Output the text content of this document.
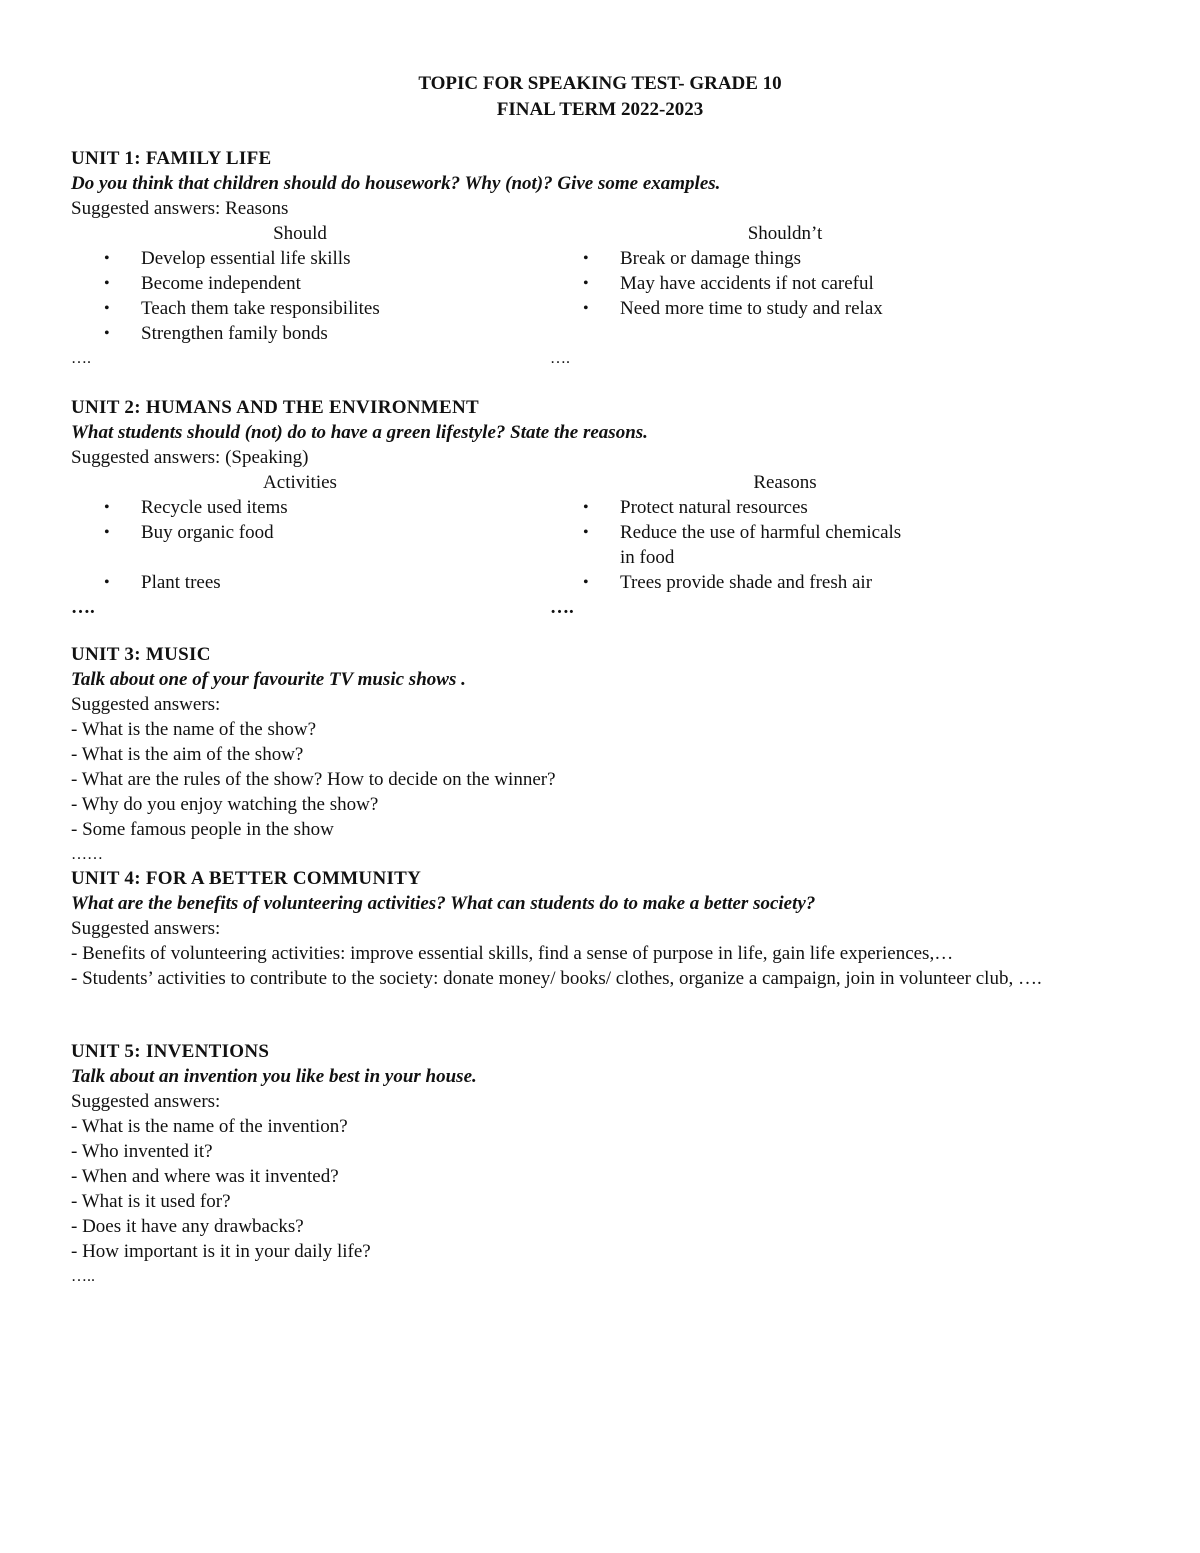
TOPIC FOR SPEAKING TEST- GRADE 10
FINAL TERM 2022-2023
UNIT 1: FAMILY LIFE
Do you think that children should do housework? Why (not)? Give some examples.
Suggested answers: Reasons
Should
• Develop essential life skills
• Become independent
• Teach them take responsibilites
• Strengthen family bonds
….
Shouldn’t
• Break or damage things
• May have accidents if not careful
• Need more time to study and relax
….
UNIT 2: HUMANS AND THE ENVIRONMENT
What students should (not) do to have a green lifestyle? State the reasons.
Suggested answers: (Speaking)
Activities
• Recycle used items
• Buy organic food
• Plant trees
….
Reasons
• Protect natural resources
• Reduce the use of harmful chemicals in food
• Trees provide shade and fresh air
….
UNIT 3: MUSIC
Talk about one of your favourite TV music shows .
Suggested answers:
- What is the name of the show?
- What is the aim of the show?
- What are the rules of the show? How to decide on the winner?
- Why do you enjoy watching the show?
- Some famous people in the show
……
UNIT 4: FOR A BETTER COMMUNITY
What are the benefits of volunteering activities? What can students do to make a better society?
Suggested answers:
- Benefits of volunteering activities: improve essential skills, find a sense of purpose in life, gain life experiences,…
- Students’ activities to contribute to the society: donate money/ books/ clothes, organize a campaign, join in volunteer club, ….
UNIT 5: INVENTIONS
Talk about an invention you like best in your house.
Suggested answers:
- What is the name of the invention?
- Who invented it?
- When and where was it invented?
- What is it used for?
- Does it have any drawbacks?
- How important is it in your daily life?
…..
